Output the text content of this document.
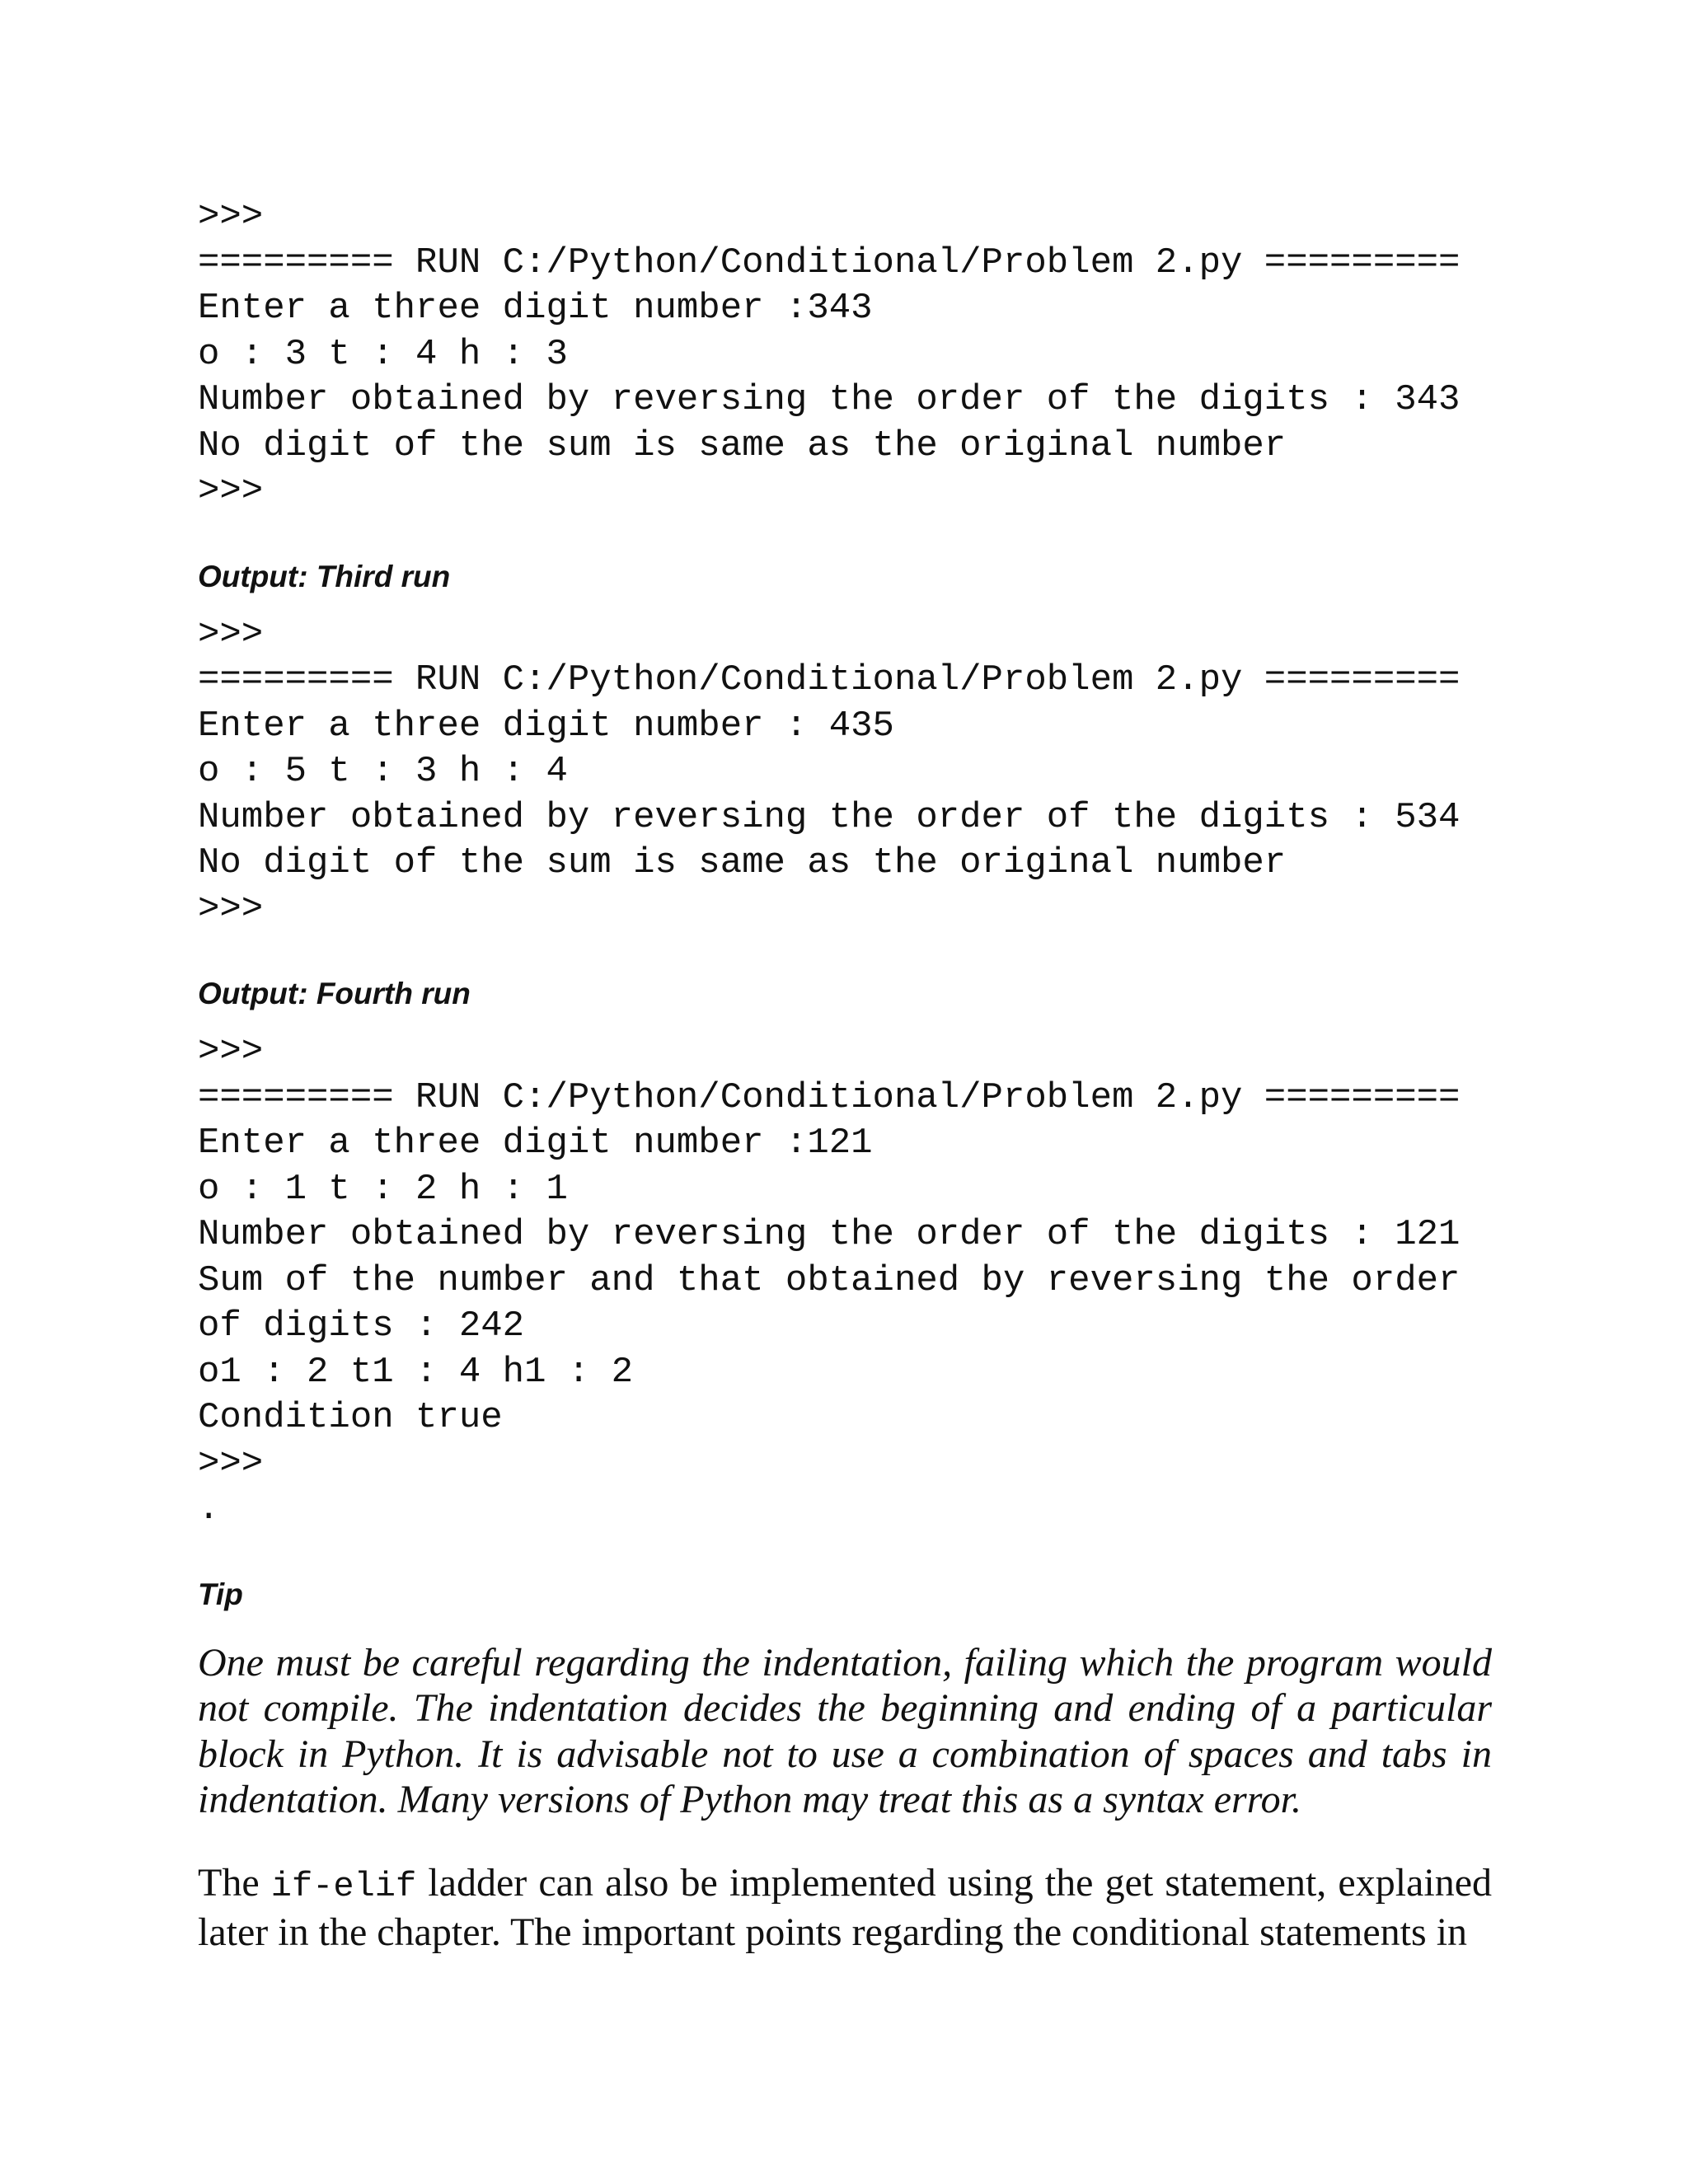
>>>
========= RUN C:/Python/Conditional/Problem 2.py =========
Enter a three digit number :343
o : 3 t : 4 h : 3
Number obtained by reversing the order of the digits : 343
No digit of the sum is same as the original number
>>>
Output: Third run
>>>
========= RUN C:/Python/Conditional/Problem 2.py =========
Enter a three digit number : 435
o : 5 t : 3 h : 4
Number obtained by reversing the order of the digits : 534
No digit of the sum is same as the original number
>>>
Output: Fourth run
>>>
========= RUN C:/Python/Conditional/Problem 2.py =========
Enter a three digit number :121
o : 1 t : 2 h : 1
Number obtained by reversing the order of the digits : 121
Sum of the number and that obtained by reversing the order
of digits : 242
o1 : 2 t1 : 4 h1 : 2
Condition true
>>>
.
Tip

One must be careful regarding the indentation, failing which the program would not compile. The indentation decides the beginning and ending of a particular block in Python. It is advisable not to use a combination of spaces and tabs in indentation. Many versions of Python may treat this as a syntax error.

The if-elif ladder can also be implemented using the get statement, explained later in the chapter. The important points regarding the conditional statements in
